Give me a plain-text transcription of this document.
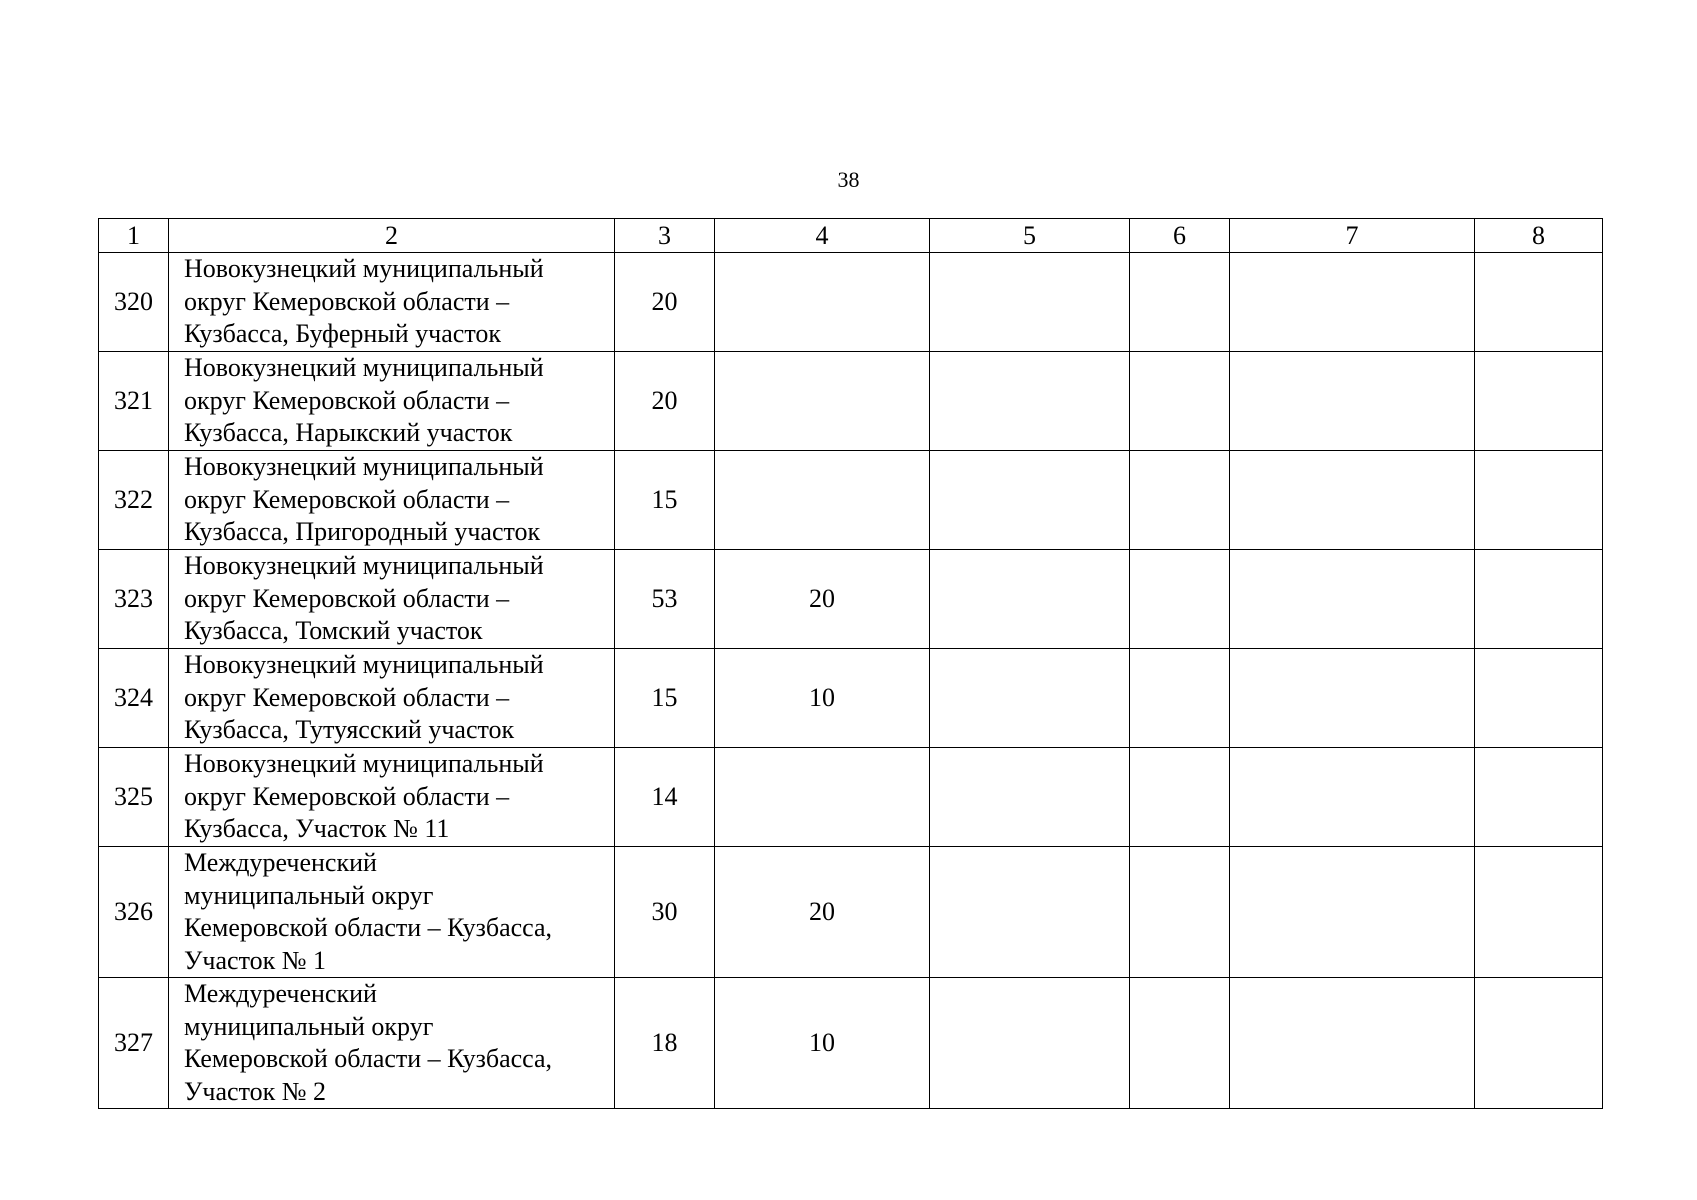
38
1	2	3	4	5	6	7	8
320	Новокузнецкий муниципальный
округ Кемеровской области –
Кузбасса, Буферный участок	20					
321	Новокузнецкий муниципальный
округ Кемеровской области –
Кузбасса, Нарыкский участок	20					
322	Новокузнецкий муниципальный
округ Кемеровской области –
Кузбасса, Пригородный участок	15					
323	Новокузнецкий муниципальный
округ Кемеровской области –
Кузбасса, Томский участок	53	20				
324	Новокузнецкий муниципальный
округ Кемеровской области –
Кузбасса, Тутуясский участок	15	10				
325	Новокузнецкий муниципальный
округ Кемеровской области –
Кузбасса, Участок № 11	14					
326	Междуреченский
муниципальный округ
Кемеровской области – Кузбасса,
Участок № 1	30	20				
327	Междуреченский
муниципальный округ
Кемеровской области – Кузбасса,
Участок № 2	18	10				
